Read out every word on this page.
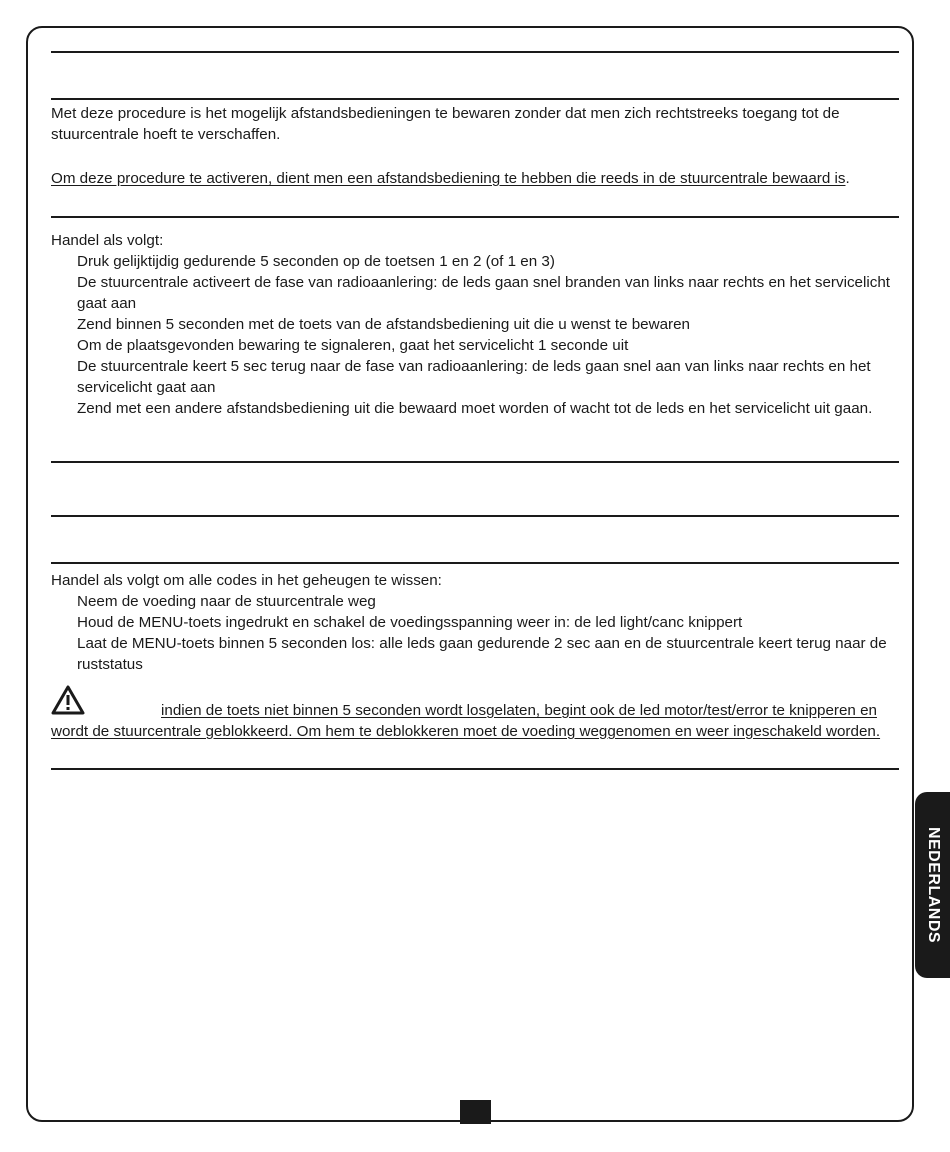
Met deze procedure is het mogelijk afstandsbedieningen te bewaren zonder dat men zich rechtstreeks toegang tot de stuurcentrale hoeft te verschaffen.

Om deze procedure te activeren, dient men een afstandsbediening te hebben die reeds in de stuurcentrale bewaard is.

Handel als volgt:
Druk gelijktijdig gedurende 5 seconden op de toetsen 1 en 2 (of 1 en 3)
De stuurcentrale activeert de fase van radioaanlering: de leds gaan snel branden van links naar rechts en het servicelicht gaat aan
Zend binnen 5 seconden met de toets van de afstandsbediening uit die u wenst te bewaren
Om de plaatsgevonden bewaring te signaleren, gaat het servicelicht 1 seconde uit
De stuurcentrale keert 5 sec terug naar de fase van radioaanlering: de leds gaan snel aan van links naar rechts en het servicelicht gaat aan
Zend met een andere afstandsbediening uit die bewaard moet worden of wacht tot de leds en het servicelicht uit gaan.
Handel als volgt om alle codes in het geheugen te wissen:
Neem de voeding naar de stuurcentrale weg
Houd de MENU-toets ingedrukt en schakel de voedingsspanning weer in: de led light/canc knippert
Laat de MENU-toets binnen 5 seconden los: alle leds gaan gedurende 2 sec aan en de stuurcentrale keert terug naar de ruststatus

indien de toets niet binnen 5 seconden wordt losgelaten, begint ook de led motor/test/error te knipperen en wordt de stuurcentrale geblokkeerd. Om hem te deblokkeren moet de voeding weggenomen en weer ingeschakeld worden.

NEDERLANDS
